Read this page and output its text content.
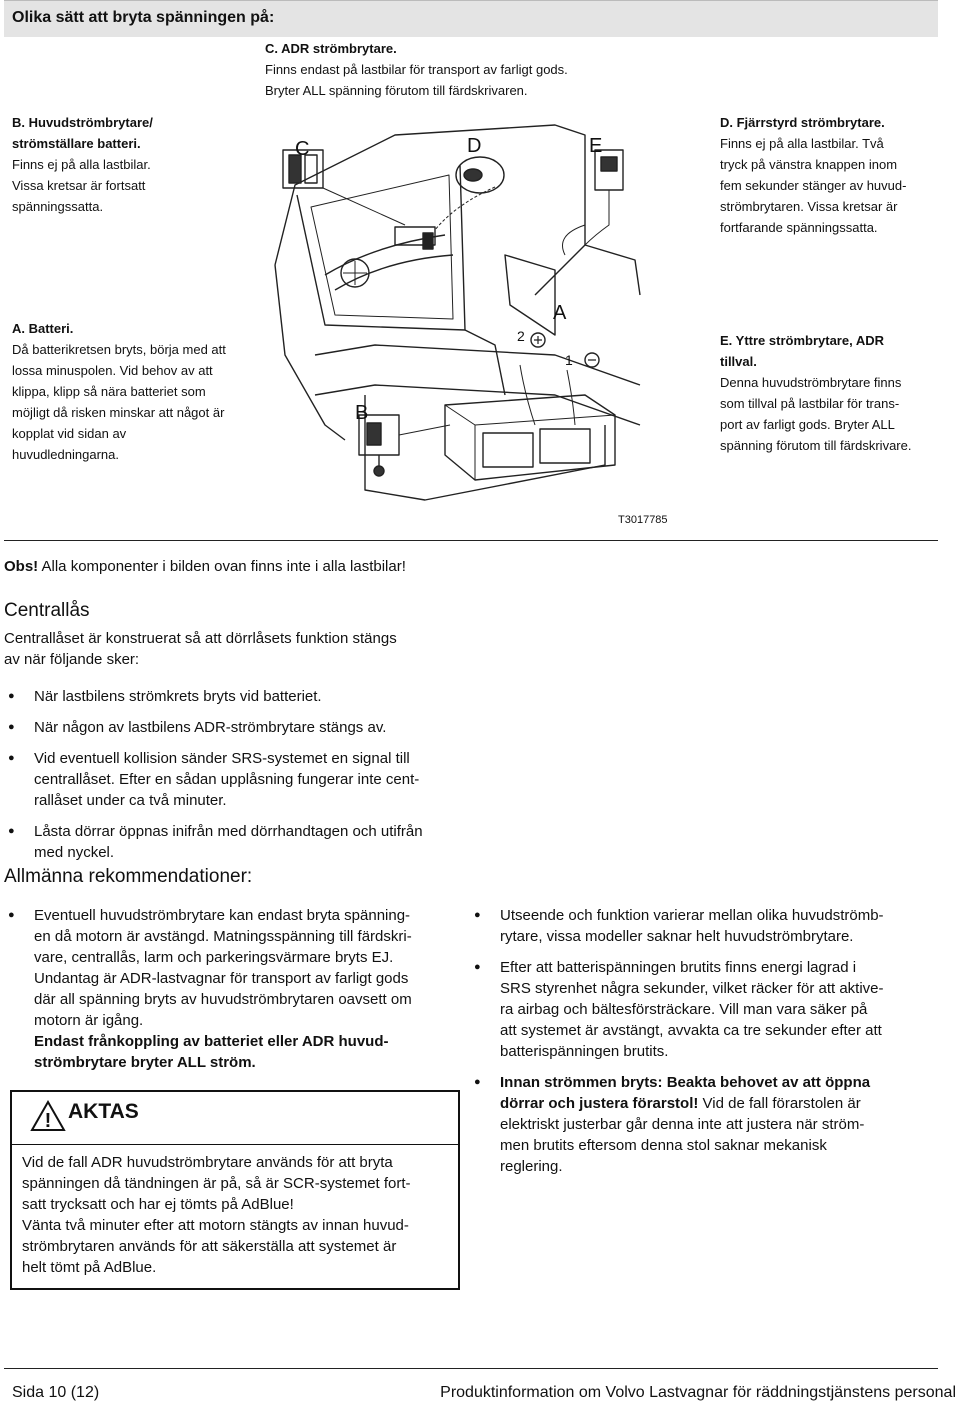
Olika sätt att bryta spänningen på:
C. ADR strömbrytare.
Finns endast på lastbilar för transport av farligt gods.
Bryter ALL spänning förutom till färdskrivaren.
B. Huvudströmbrytare/
strömställare batteri.
Finns ej på alla lastbilar.
Vissa kretsar är fortsatt
spänningssatta.
D. Fjärrstyrd strömbrytare.
Finns ej på alla lastbilar. Två
tryck på vänstra knappen inom
fem sekunder stänger av huvud-
strömbrytaren. Vissa kretsar är
fortfarande spänningssatta.
A. Batteri.
Då batterikretsen bryts, börja med att
lossa minuspolen. Vid behov av att
klippa, klipp så nära batteriet som
möjligt då risken minskar att något är
kopplat vid sidan av
huvudledningarna.
E. Yttre strömbrytare, ADR
tillval.
Denna huvudströmbrytare finns
som tillval på lastbilar för trans-
port av farligt gods. Bryter ALL
spänning förutom till färdskrivare.
C	D	E
A
B
2
1
T3017785
Obs! Alla komponenter i bilden ovan finns inte i alla lastbilar!
Centrallås
Centrallåset är konstruerat så att dörrlåsets funktion stängs
av när följande sker:
● När lastbilens strömkrets bryts vid batteriet.
● När någon av lastbilens ADR-strömbrytare stängs av.
● Vid eventuell kollision sänder SRS-systemet en signal till
centrallåset. Efter en sådan upplåsning fungerar inte cent-
rallåset under ca två minuter.
● Låsta dörrar öppnas inifrån med dörrhandtagen och utifrån
med nyckel.
Allmänna rekommendationer:
● Eventuell huvudströmbrytare kan endast bryta spänning-
en då motorn är avstängd. Matningsspänning till färdskri-
vare, centrallås, larm och parkeringsvärmare bryts EJ.
Undantag är ADR-lastvagnar för transport av farligt gods
där all spänning bryts av huvudströmbrytaren oavsett om
motorn är igång.
Endast frånkoppling av batteriet eller ADR huvud-
strömbrytare bryter ALL ström.
● Utseende och funktion varierar mellan olika huvudströmb-
rytare, vissa modeller saknar helt huvudströmbrytare.
● Efter att batterispänningen brutits finns energi lagrad i
SRS styrenhet några sekunder, vilket räcker för att aktive-
ra airbag och bältesförsträckare. Vill man vara säker på
att systemet är avstängt, avvakta ca tre sekunder efter att
batterispänningen brutits.
● Innan strömmen bryts: Beakta behovet av att öppna
dörrar och justera förarstol! Vid de fall förarstolen är
elektriskt justerbar går denna inte att justera när ström-
men brutits eftersom denna stol saknar mekanisk
reglering.
! AKTAS
Vid de fall ADR huvudströmbrytare används för att bryta
spänningen då tändningen är på, så är SCR-systemet fort-
satt trycksatt och har ej tömts på AdBlue!
Vänta två minuter efter att motorn stängts av innan huvud-
strömbrytaren används för att säkerställa att systemet är
helt tömt på AdBlue.
Sida 10 (12)	Produktinformation om Volvo Lastvagnar för räddningstjänstens personal
